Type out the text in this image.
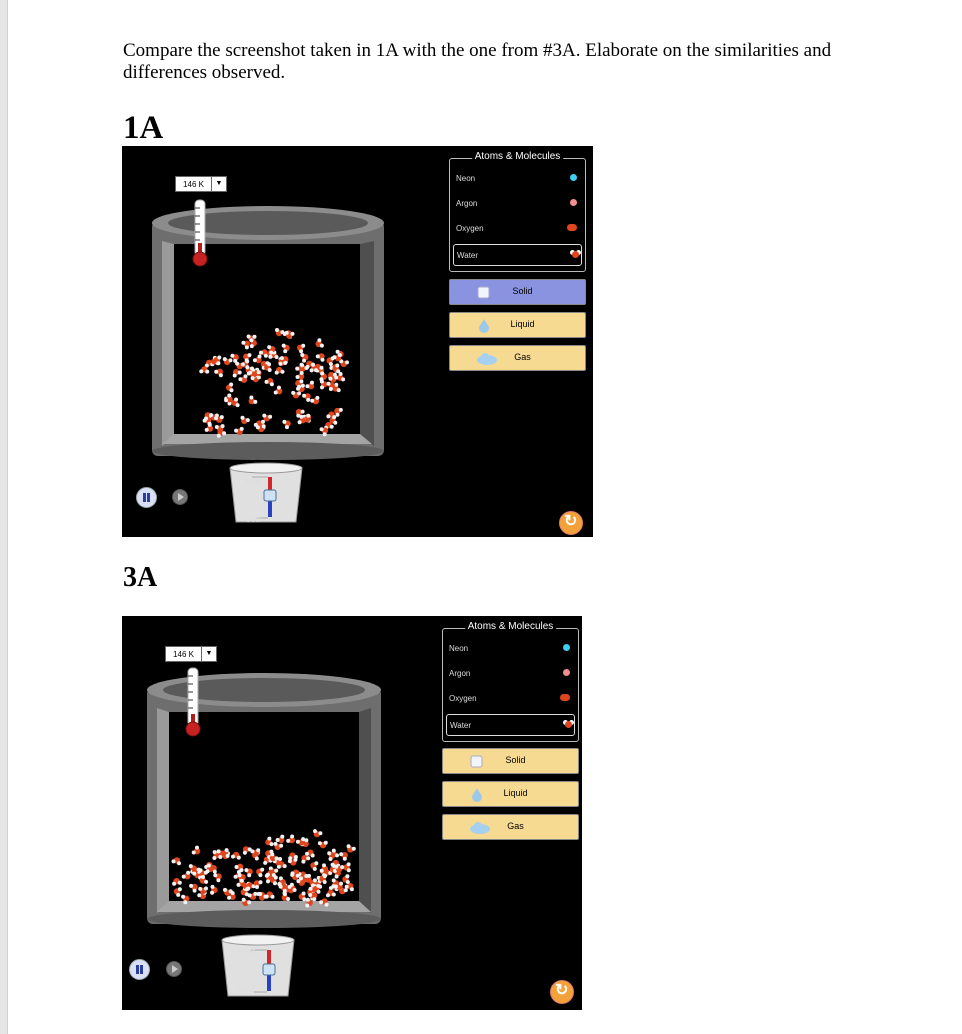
Compare the screenshot taken in 1A with the one from #3A. Elaborate on the similarities and differences observed.

1A
146 K	▼
Atoms & Molecules
Neon
Argon
Oxygen
Water
Solid
Liquid
Gas
Heat
Cool
↻
3A
146 K	▼
Atoms & Molecules
Neon
Argon
Oxygen
Water
Solid
Liquid
Gas
Heat
Cool
↻
